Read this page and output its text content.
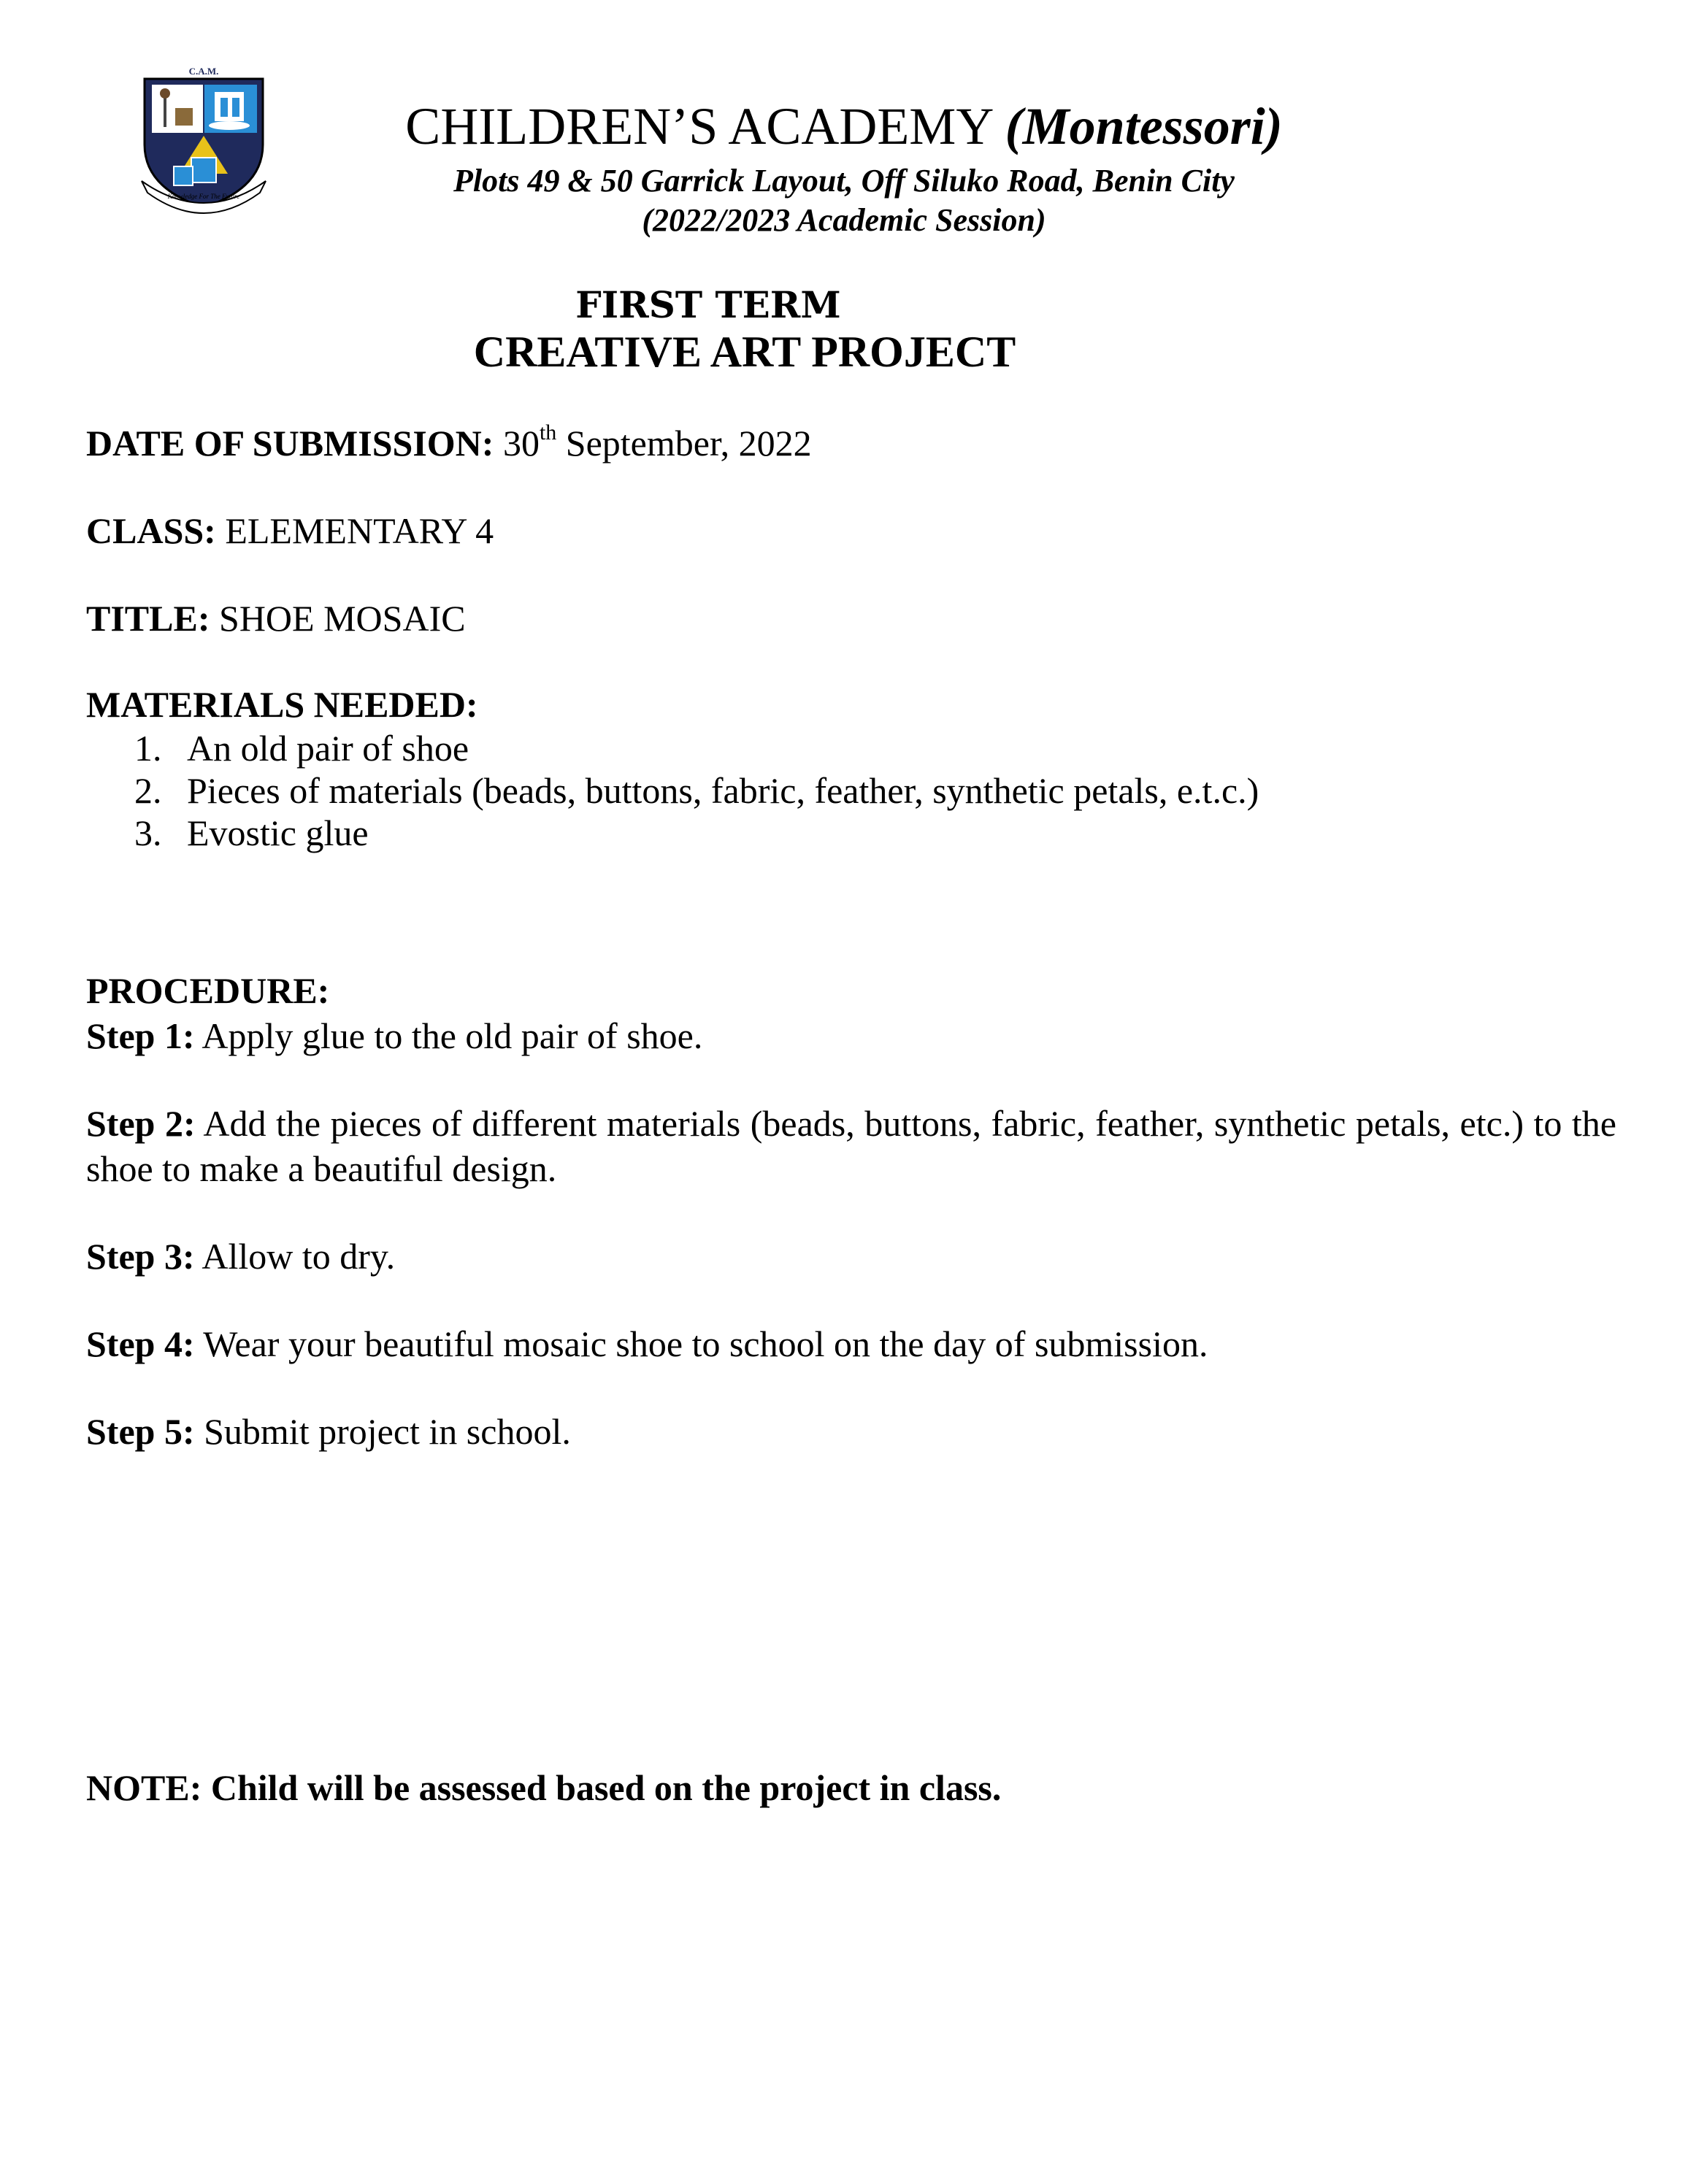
C.A.M.
Knowledge For The Future
CHILDREN’S ACADEMY (Montessori)
Plots 49 & 50 Garrick Layout, Off Siluko Road, Benin City
(2022/2023 Academic Session)
FIRST TERM
CREATIVE ART PROJECT
DATE OF SUBMISSION: 30th September, 2022
CLASS: ELEMENTARY 4
TITLE: SHOE MOSAIC
MATERIALS NEEDED:
1. An old pair of shoe
2. Pieces of materials (beads, buttons, fabric, feather, synthetic petals, e.t.c.)
3. Evostic glue
PROCEDURE:
Step 1: Apply glue to the old pair of shoe.
Step 2: Add the pieces of different materials (beads, buttons, fabric, feather, synthetic petals, etc.) to the shoe to make a beautiful design.
Step 3: Allow to dry.
Step 4: Wear your beautiful mosaic shoe to school on the day of submission.
Step 5: Submit project in school.
NOTE: Child will be assessed based on the project in class.
